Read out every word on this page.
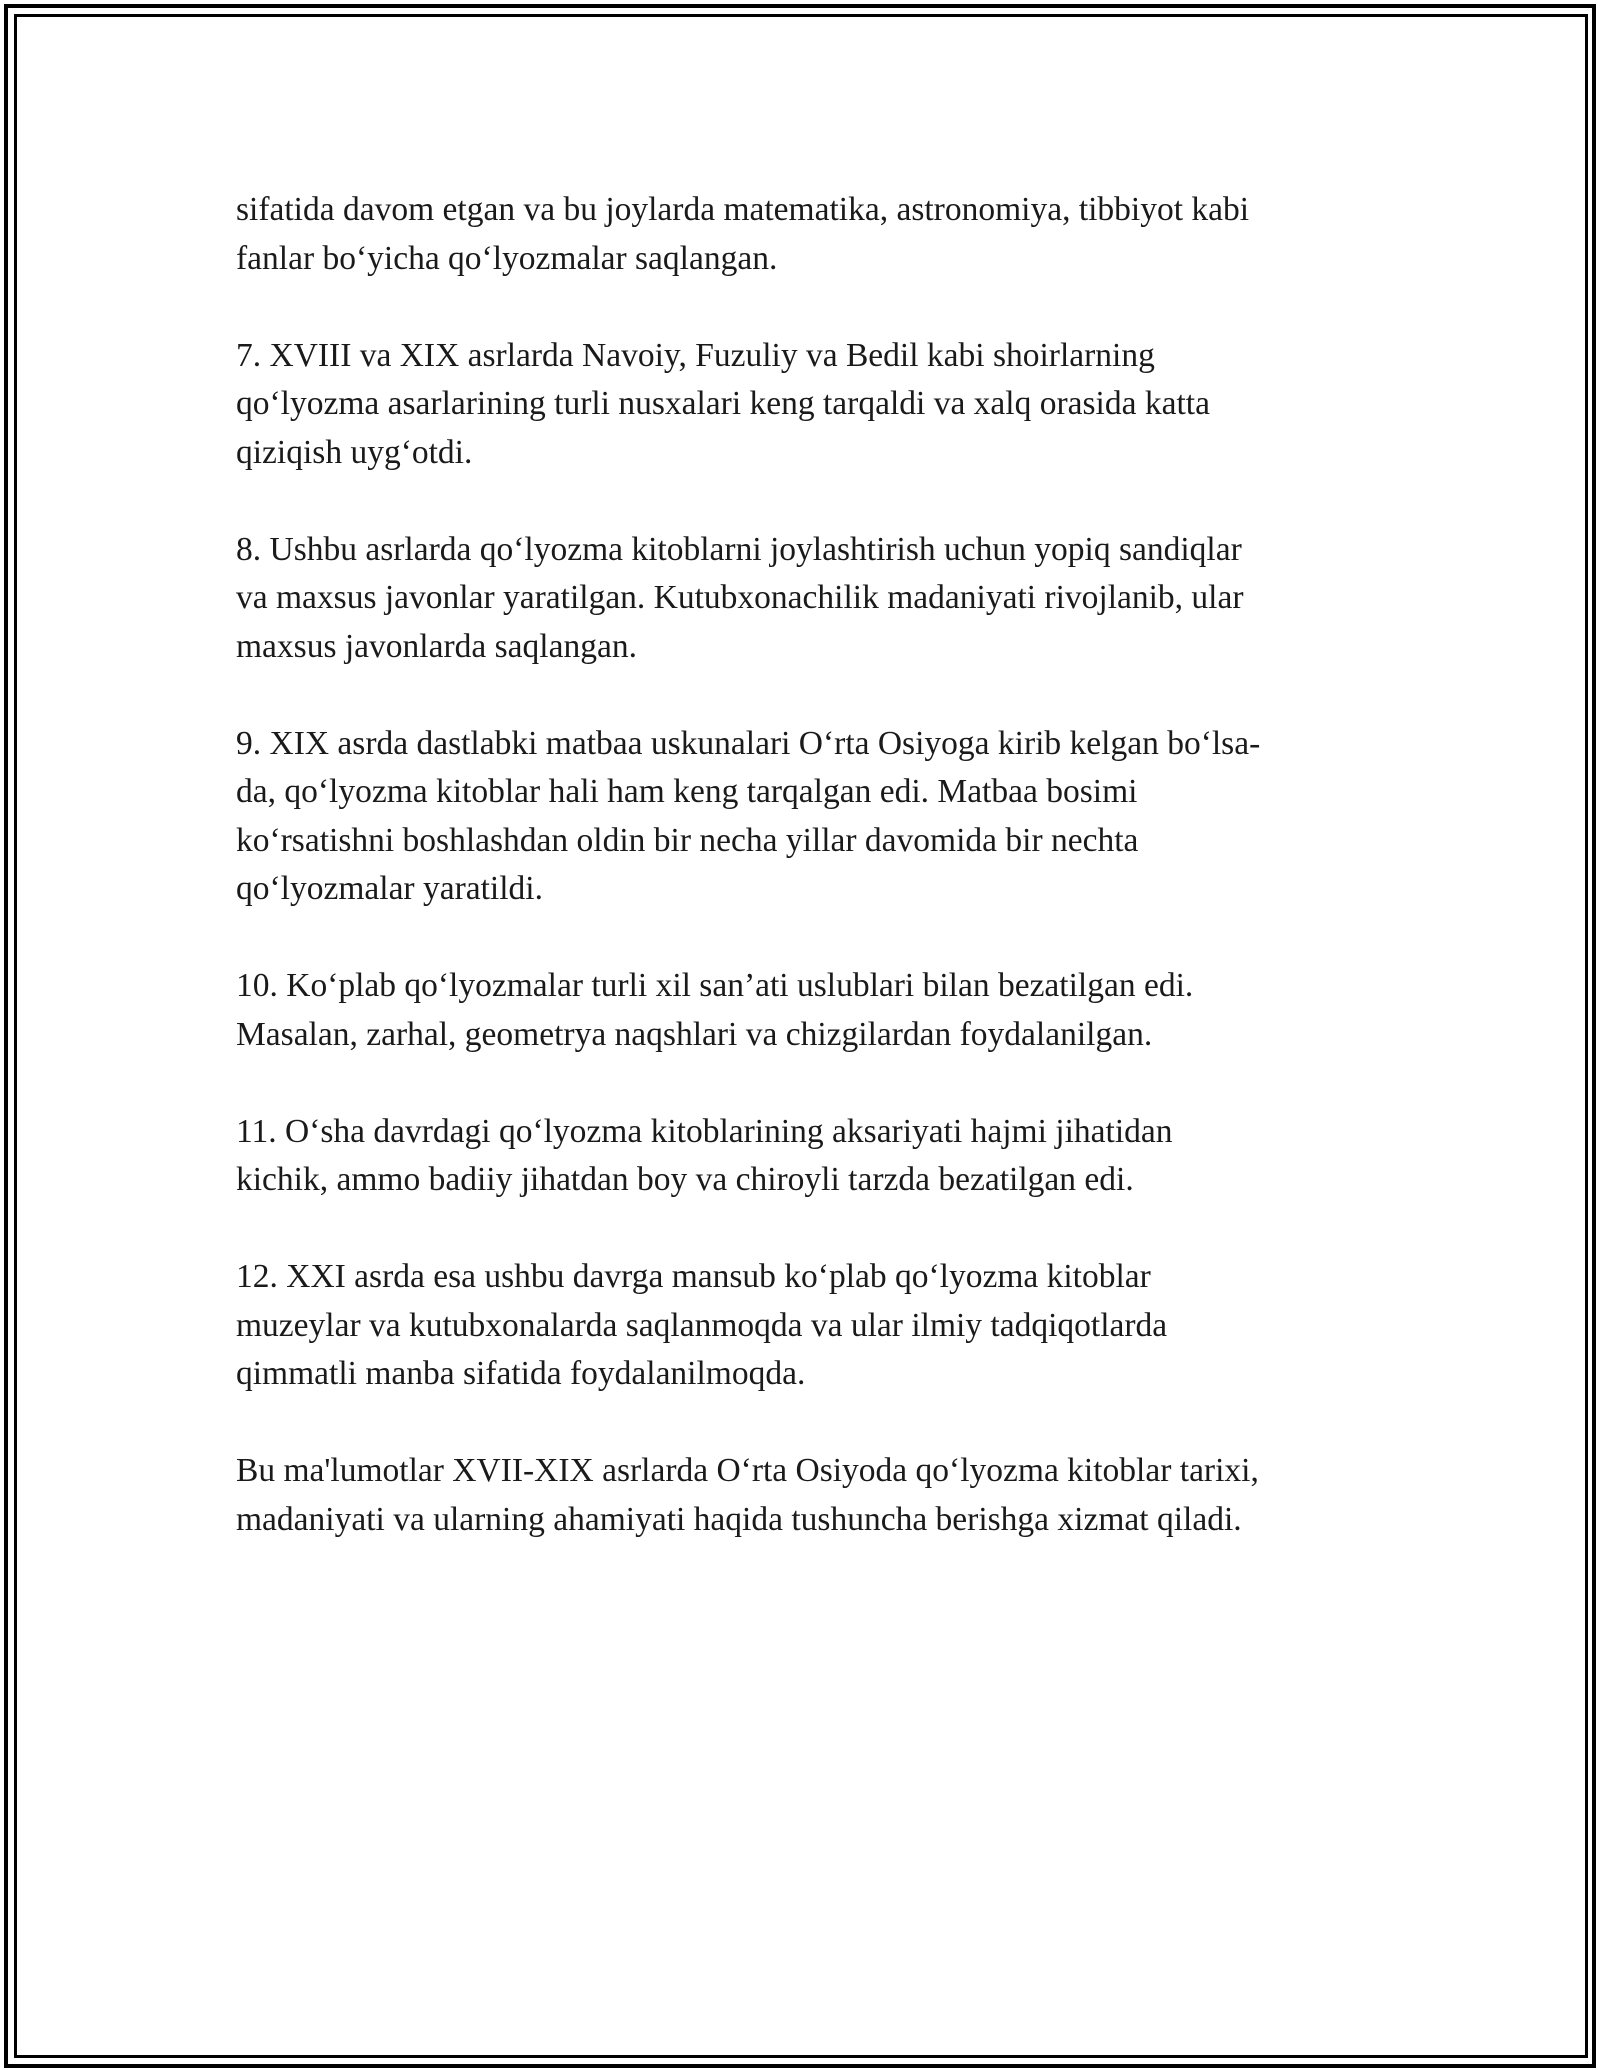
sifatida davom etgan va bu joylarda matematika, astronomiya, tibbiyot kabi
fanlar bo‘yicha qo‘lyozmalar saqlangan.

7. XVIII va XIX asrlarda Navoiy, Fuzuliy va Bedil kabi shoirlarning
qo‘lyozma asarlarining turli nusxalari keng tarqaldi va xalq orasida katta
qiziqish uyg‘otdi.

8. Ushbu asrlarda qo‘lyozma kitoblarni joylashtirish uchun yopiq sandiqlar
va maxsus javonlar yaratilgan. Kutubxonachilik madaniyati rivojlanib, ular
maxsus javonlarda saqlangan.

9. XIX asrda dastlabki matbaa uskunalari O‘rta Osiyoga kirib kelgan bo‘lsa-
da, qo‘lyozma kitoblar hali ham keng tarqalgan edi. Matbaa bosimi
ko‘rsatishni boshlashdan oldin bir necha yillar davomida bir nechta
qo‘lyozmalar yaratildi.

10. Ko‘plab qo‘lyozmalar turli xil san’ati uslublari bilan bezatilgan edi.
Masalan, zarhal, geometrya naqshlari va chizgilardan foydalanilgan.

11. O‘sha davrdagi qo‘lyozma kitoblarining aksariyati hajmi jihatidan
kichik, ammo badiiy jihatdan boy va chiroyli tarzda bezatilgan edi.

12. XXI asrda esa ushbu davrga mansub ko‘plab qo‘lyozma kitoblar
muzeylar va kutubxonalarda saqlanmoqda va ular ilmiy tadqiqotlarda
qimmatli manba sifatida foydalanilmoqda.

Bu ma'lumotlar XVII-XIX asrlarda O‘rta Osiyoda qo‘lyozma kitoblar tarixi,
madaniyati va ularning ahamiyati haqida tushuncha berishga xizmat qiladi.
